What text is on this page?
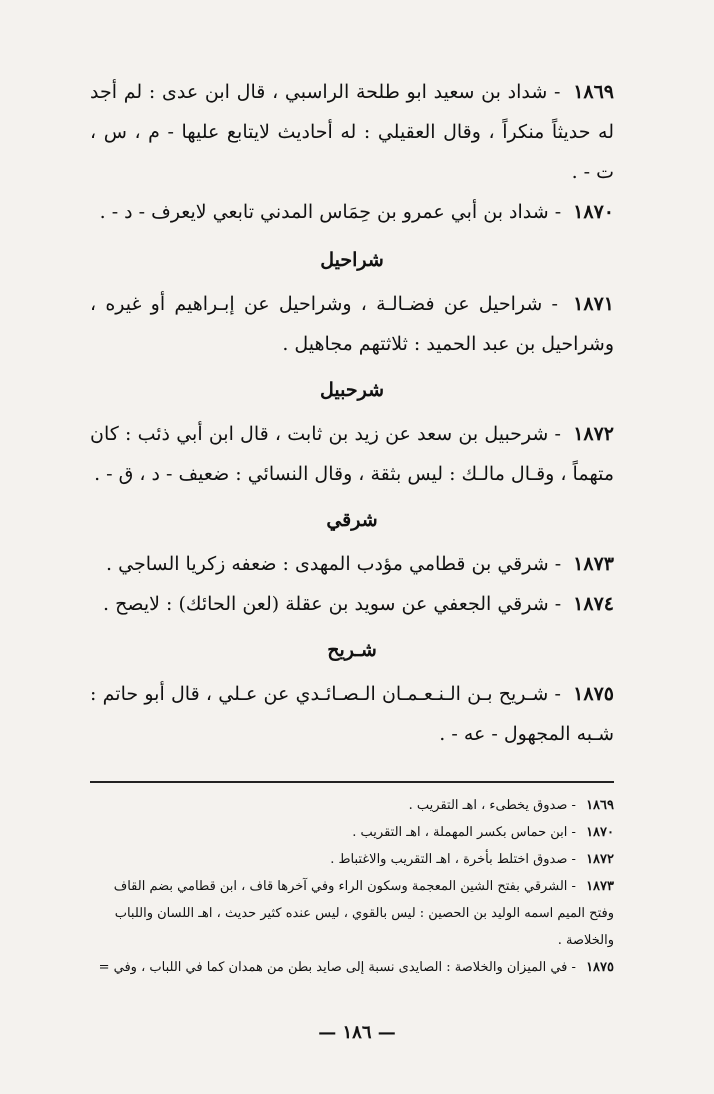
١٨٦٩ - شداد بن سعيد ابو طلحة الراسبي ، قال ابن عدى : لم أجد له حديثاً منكراً ، وقال العقيلي : له أحاديث لايتابع عليها - م ، س ، ت - .

١٨٧٠ - شداد بن أبي عمرو بن حِمَاس المدني تابعي لايعرف - د - .

شراحيل

١٨٧١ - شراحيل عن فضـالـة ، وشراحيل عن إبـراهيم أو غيره ، وشراحيل بن عبد الحميد : ثلاثتهم مجاهيل .

شرحبيل

١٨٧٢ - شرحبيل بن سعد عن زيد بن ثابت ، قال ابن أبي ذئب : كان متهماً ، وقـال مالـك : ليس بثقة ، وقال النسائي : ضعيف - د ، ق - .

شرقي

١٨٧٣ - شرقي بن قطامي مؤدب المهدى : ضعفه زكريا الساجي .

١٨٧٤ - شرقي الجعفي عن سويد بن عقلة (لعن الحائك) : لايصح .

شـريح

١٨٧٥ - شـريح بـن الـنـعـمـان الـصـائـدي عن عـلي ، قال أبو حاتم : شـبه المجهول - عه - .

١٨٦٩ - صدوق يخطىء ، اهـ التقريب .

١٨٧٠ - ابن حماس بكسر المهملة ، اهـ التقريب .

١٨٧٢ - صدوق اختلط بأخرة ، اهـ التقريب والاغتباط .

١٨٧٣ - الشرقي بفتح الشين المعجمة وسكون الراء وفي آخرها قاف ، ابن قطامي بضم القاف وفتح الميم اسمه الوليد بن الحصين : ليس بالقوي ، ليس عنده كثير حديث ، اهـ اللسان واللباب والخلاصة .

١٨٧٥ - في الميزان والخلاصة : الصايدى نسبة إلى صايد بطن من همدان كما في اللباب ، وفي =

— ١٨٦ —
